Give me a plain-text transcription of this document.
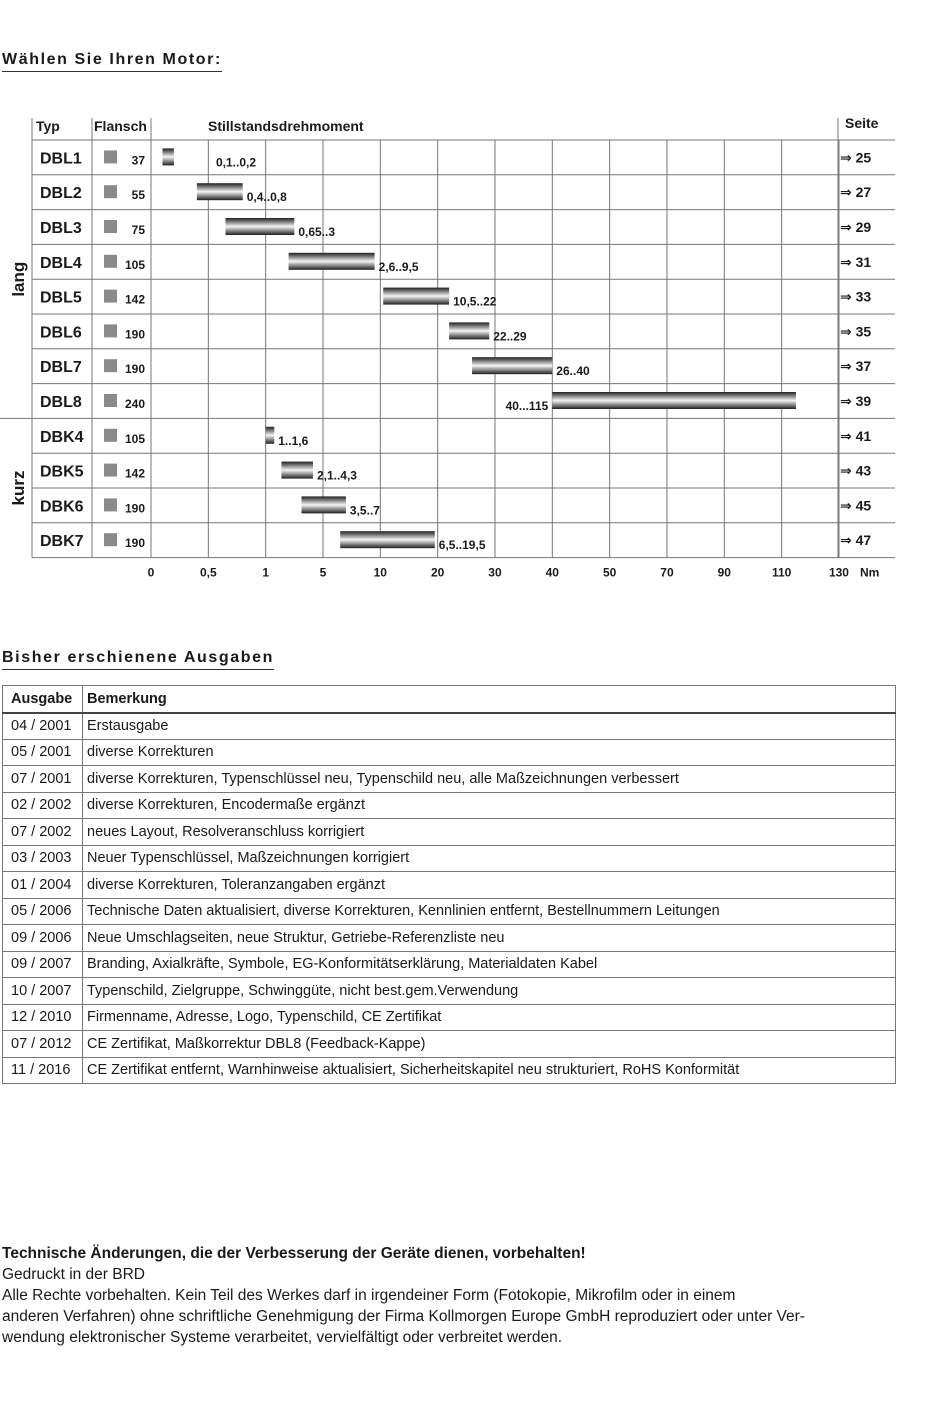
Wählen Sie Ihren Motor:
Typ Flansch	Stillstandsdrehmoment	Seite
lang
kurz
DBL1	37	0,1..0,2	⇒ 25
DBL2	55	0,4..0,8	⇒ 27
DBL3	75	0,65..3	⇒ 29
DBL4	105	2,6..9,5	⇒ 31
DBL5	142	10,5..22	⇒ 33
DBL6	190	22..29	⇒ 35
DBL7	190	26..40	⇒ 37
DBL8	240	40...115	⇒ 39
DBK4	105	1..1,6	⇒ 41
DBK5	142	2,1..4,3	⇒ 43
DBK6	190	3,5..7	⇒ 45
DBK7	190	6,5..19,5	⇒ 47
0	0,5	1	5	10	20	30	40	50	70	90	110	130 Nm
Bisher erschienene Ausgaben
Ausgabe	Bemerkung
04 / 2001	Erstausgabe
05 / 2001	diverse Korrekturen
07 / 2001	diverse Korrekturen, Typenschlüssel neu, Typenschild neu, alle Maßzeichnungen verbessert
02 / 2002	diverse Korrekturen, Encodermaße ergänzt
07 / 2002	neues Layout, Resolveranschluss korrigiert
03 / 2003	Neuer Typenschlüssel, Maßzeichnungen korrigiert
01 / 2004	diverse Korrekturen, Toleranzangaben ergänzt
05 / 2006	Technische Daten aktualisiert, diverse Korrekturen, Kennlinien entfernt, Bestellnummern Leitungen
09 / 2006	Neue Umschlagseiten, neue Struktur, Getriebe-Referenzliste neu
09 / 2007	Branding, Axialkräfte, Symbole, EG-Konformitätserklärung, Materialdaten Kabel
10 / 2007	Typenschild, Zielgruppe, Schwinggüte, nicht best.gem.Verwendung
12 / 2010	Firmenname, Adresse, Logo, Typenschild, CE Zertifikat
07 / 2012	CE Zertifikat, Maßkorrektur DBL8 (Feedback-Kappe)
11 / 2016	CE Zertifikat entfernt, Warnhinweise aktualisiert, Sicherheitskapitel neu strukturiert, RoHS Konformität
Technische Änderungen, die der Verbesserung der Geräte dienen, vorbehalten!
Gedruckt in der BRD
Alle Rechte vorbehalten. Kein Teil des Werkes darf in irgendeiner Form (Fotokopie, Mikrofilm oder in einem
anderen Verfahren) ohne schriftliche Genehmigung der Firma Kollmorgen Europe GmbH reproduziert oder unter Ver-
wendung elektronischer Systeme verarbeitet, vervielfältigt oder verbreitet werden.
